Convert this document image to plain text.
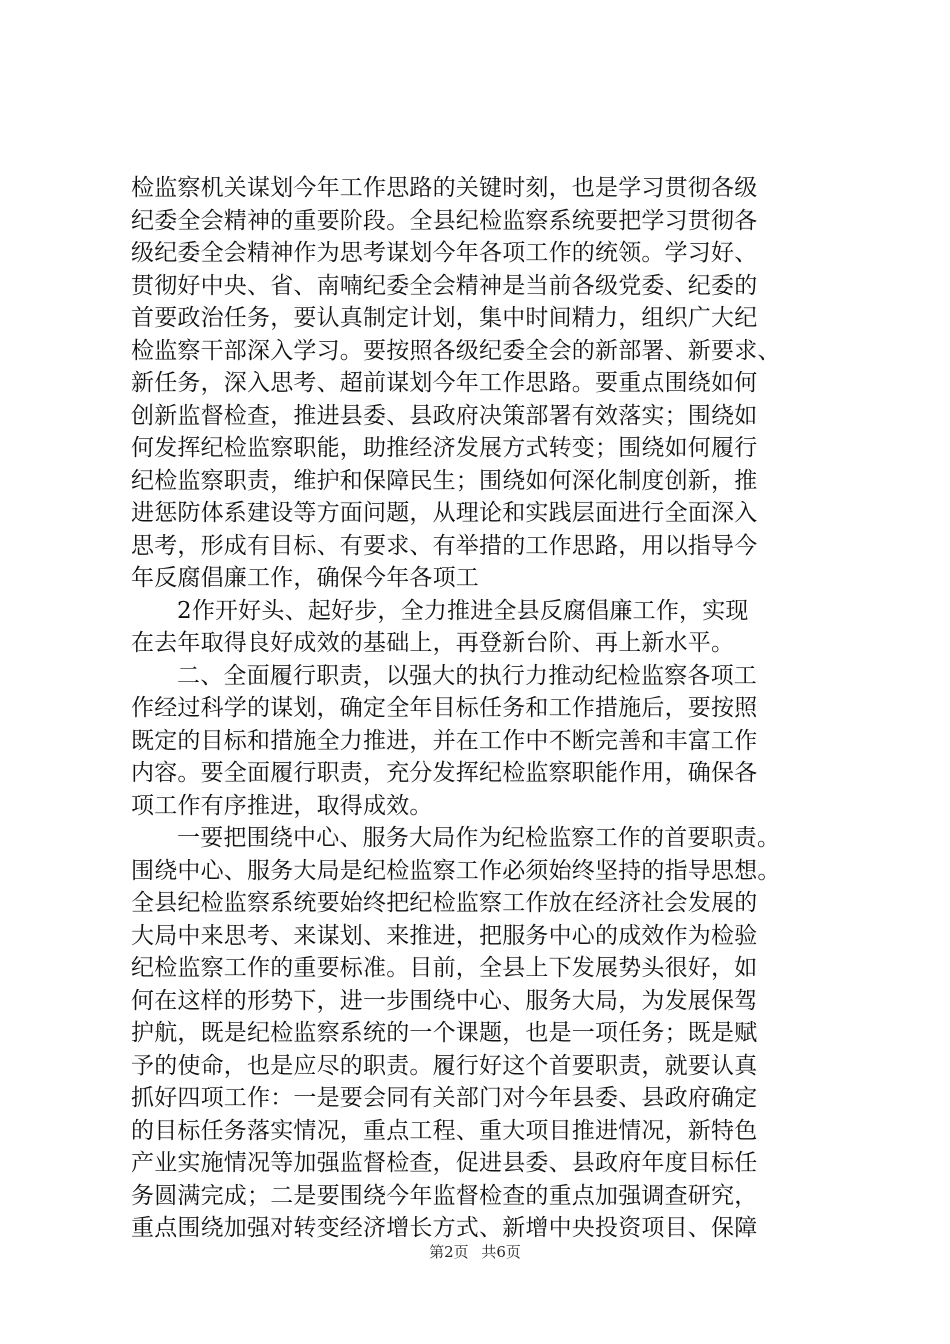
检监察机关谋划今年工作思路的关键时刻，也是学习贯彻各级
纪委全会精神的重要阶段。全县纪检监察系统要把学习贯彻各
级纪委全会精神作为思考谋划今年各项工作的统领。学习好、
贯彻好中央、省、南喃纪委全会精神是当前各级党委、纪委的
首要政治任务，要认真制定计划，集中时间精力，组织广大纪
检监察干部深入学习。要按照各级纪委全会的新部署、新要求、
新任务，深入思考、超前谋划今年工作思路。要重点围绕如何
创新监督检查，推进县委、县政府决策部署有效落实；围绕如
何发挥纪检监察职能，助推经济发展方式转变；围绕如何履行
纪检监察职责，维护和保障民生；围绕如何深化制度创新，推
进惩防体系建设等方面问题，从理论和实践层面进行全面深入
思考，形成有目标、有要求、有举措的工作思路，用以指导今
年反腐倡廉工作，确保今年各项工
2作开好头、起好步，全力推进全县反腐倡廉工作，实现
在去年取得良好成效的基础上，再登新台阶、再上新水平。
二、全面履行职责，以强大的执行力推动纪检监察各项工
作经过科学的谋划，确定全年目标任务和工作措施后，要按照
既定的目标和措施全力推进，并在工作中不断完善和丰富工作
内容。要全面履行职责，充分发挥纪检监察职能作用，确保各
项工作有序推进，取得成效。
一要把围绕中心、服务大局作为纪检监察工作的首要职责。
围绕中心、服务大局是纪检监察工作必须始终坚持的指导思想。
全县纪检监察系统要始终把纪检监察工作放在经济社会发展的
大局中来思考、来谋划、来推进，把服务中心的成效作为检验
纪检监察工作的重要标准。目前，全县上下发展势头很好，如
何在这样的形势下，进一步围绕中心、服务大局，为发展保驾
护航，既是纪检监察系统的一个课题，也是一项任务；既是赋
予的使命，也是应尽的职责。履行好这个首要职责，就要认真
抓好四项工作：一是要会同有关部门对今年县委、县政府确定
的目标任务落实情况，重点工程、重大项目推进情况，新特色
产业实施情况等加强监督检查，促进县委、县政府年度目标任
务圆满完成；二是要围绕今年监督检查的重点加强调查研究，
重点围绕加强对转变经济增长方式、新增中央投资项目、保障
第2页 共6页
